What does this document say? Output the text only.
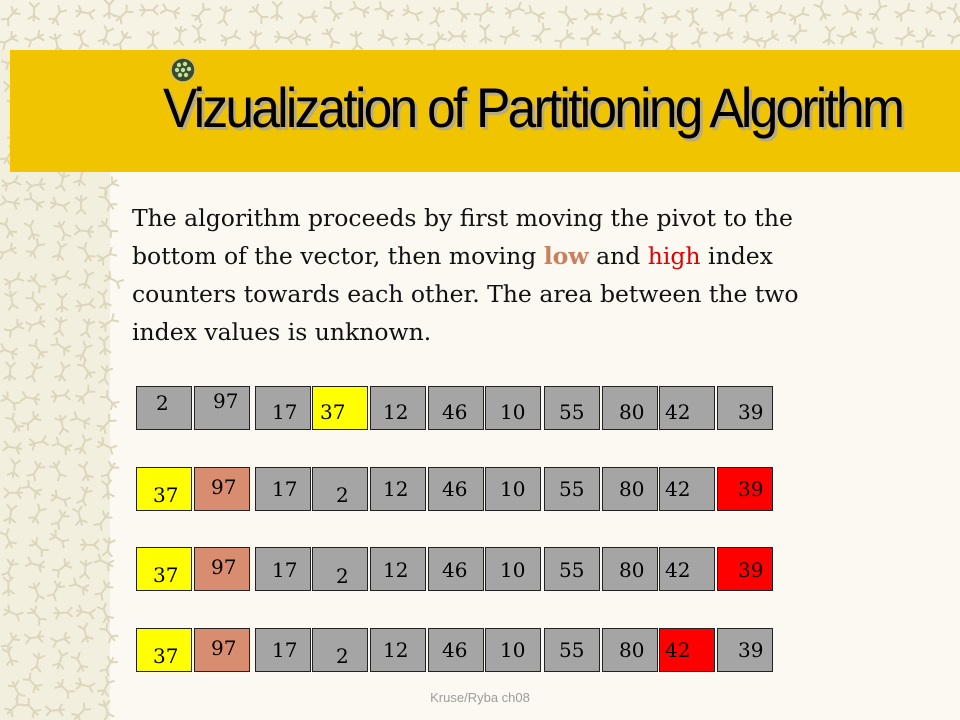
Vizualization of Partitioning Algorithm

The algorithm proceeds by first moving the pivot to the bottom of the vector, then moving low and high index counters towards each other. The area between the two index values is unknown.

2 97 17 37 12 46 10 55 80 42 39
37 97 17 2 12 46 10 55 80 42 39
37 97 17 2 12 46 10 55 80 42 39
37 97 17 2 12 46 10 55 80 42 39
Kruse/Ryba ch08
